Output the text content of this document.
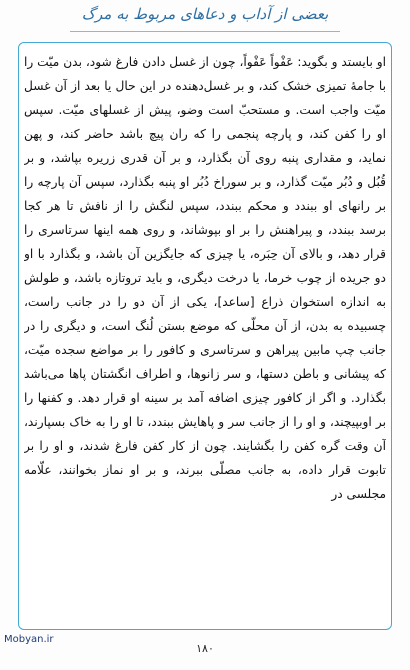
بعضی از آداب و دعاهای مربوط به مرگ

او بایستد و بگوید: عَفْواً عَفْواً، چون از غسل دادن فارغ شود، بدن میّت را با جامهٔ تمیزی خشک کند، و بر غسل‌دهنده در این حال یا بعد از آن غسل میّت واجب است. و مستحبّ است وضو، پیش از غسلهای میّت. سپس او را کفن کند، و پارچه پنجمی را که ران پیچ باشد حاضر کند، و پهن نماید، و مقداری پنبه روی آن بگذارد، و بر آن قدری زریره بپاشد، و بر قُبُل و دُبُر میّت گذارد، و بر سوراخ دُبُر او پنبه بگذارد، سپس آن پارچه را بر رانهای او ببندد و محکم ببندد، سپس لنگش را از نافش تا هر کجا برسد ببندد، و پیراهنش را بر او بپوشاند، و روی همه اینها سرتاسری را قرار دهد، و بالای آن حِبَره، یا چیزی که جایگزین آن باشد، و بگذارد با او دو جریده از چوب خرما، یا درخت دیگری، و باید تروتازه باشد، و طولش به اندازه استخوان ذراع [ساعد]، یکی از آن دو را در جانب راست، چسبیده به بدن، از آن محلّی که موضع بستن لُنگ است، و دیگری را در جانب چپ مابین پیراهن و سرتاسری و کافور را بر مواضع سجده میّت، که پیشانی و باطن دستها، و سر زانوها، و اطراف انگشتان پاها می‌باشد بگذارد. و اگر از کافور چیزی اضافه آمد بر سینه او قرار دهد. و کفنها را بر اوبپیچند، و او را از جانب سر و پاهایش ببندد، تا او را به خاک بسپارند، آن وقت گره کفن را بگشایند. چون از کار کفن فارغ شدند، و او را بر تابوت قرار داده، به جانب مصلّی ببرند، و بر او نماز بخوانند، علّامه مجلسی در

Mobyan.ir
۱۸۰
